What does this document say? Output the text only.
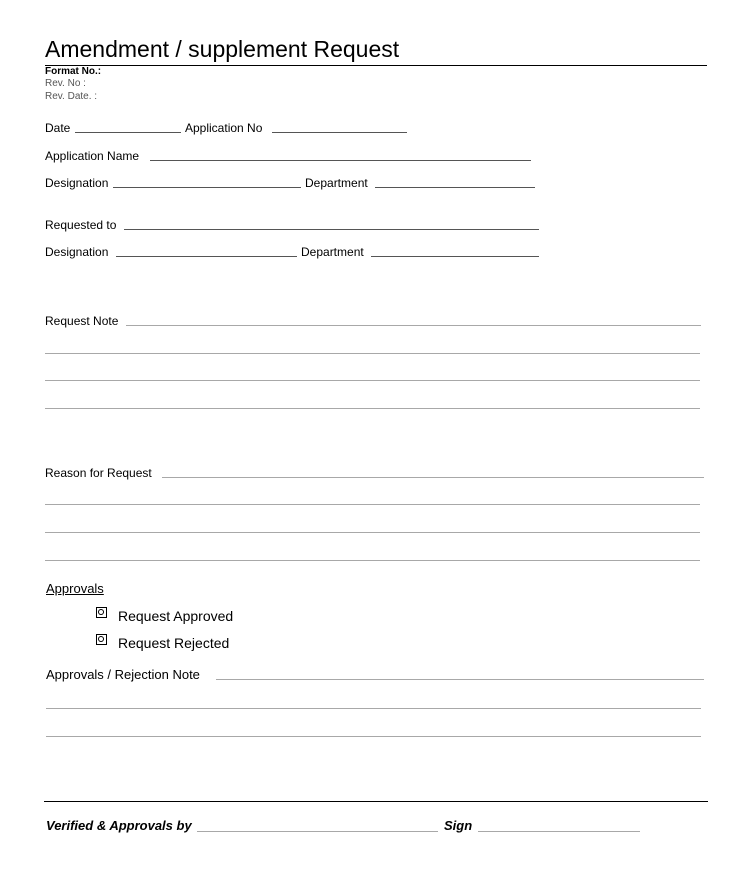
Amendment / supplement Request
Format No.:
Rev. No :
Rev. Date. :
Date	Application No
Application Name
Designation	Department
Requested to
Designation	Department
Request Note
Reason for Request
Approvals
Request Approved
Request Rejected
Approvals / Rejection Note
Verified & Approvals by	Sign
